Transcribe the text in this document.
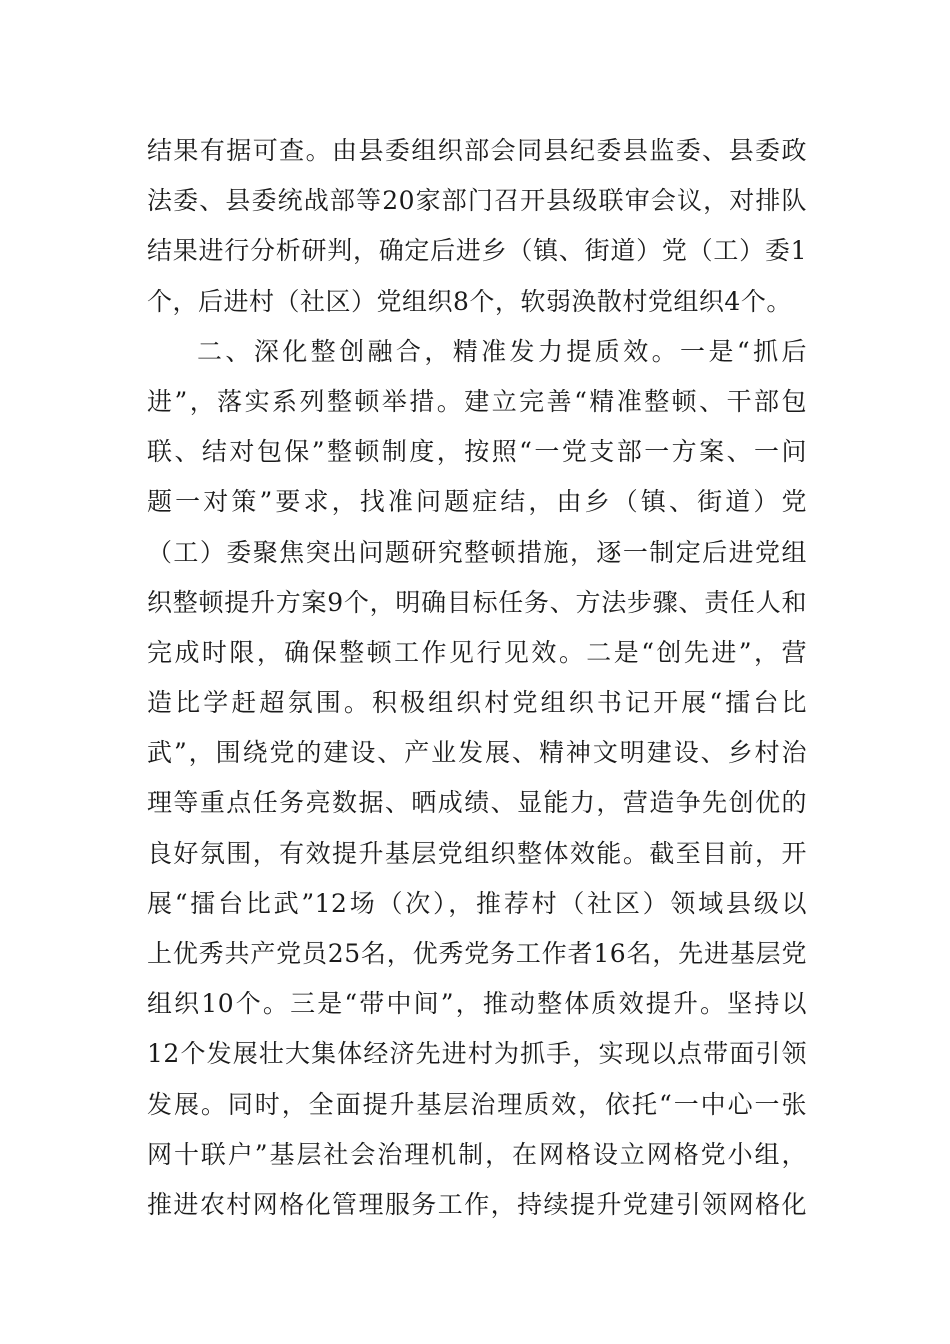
结果有据可查。由县委组织部会同县纪委县监委、县委政
法委、县委统战部等20家部门召开县级联审会议，对排队
结果进行分析研判，确定后进乡（镇、街道）党（工）委1
个，后进村（社区）党组织8个，软弱涣散村党组织4个。
二、深化整创融合，精准发力提质效。一是“抓后
进”，落实系列整顿举措。建立完善“精准整顿、干部包
联、结对包保”整顿制度，按照“一党支部一方案、一问
题一对策”要求，找准问题症结，由乡（镇、街道）党
（工）委聚焦突出问题研究整顿措施，逐一制定后进党组
织整顿提升方案9个，明确目标任务、方法步骤、责任人和
完成时限，确保整顿工作见行见效。二是“创先进”，营
造比学赶超氛围。积极组织村党组织书记开展“擂台比
武”，围绕党的建设、产业发展、精神文明建设、乡村治
理等重点任务亮数据、晒成绩、显能力，营造争先创优的
良好氛围，有效提升基层党组织整体效能。截至目前，开
展“擂台比武”12场（次），推荐村（社区）领域县级以
上优秀共产党员25名，优秀党务工作者16名，先进基层党
组织10个。三是“带中间”，推动整体质效提升。坚持以
12个发展壮大集体经济先进村为抓手，实现以点带面引领
发展。同时，全面提升基层治理质效，依托“一中心一张
网十联户”基层社会治理机制，在网格设立网格党小组，
推进农村网格化管理服务工作，持续提升党建引领网格化
